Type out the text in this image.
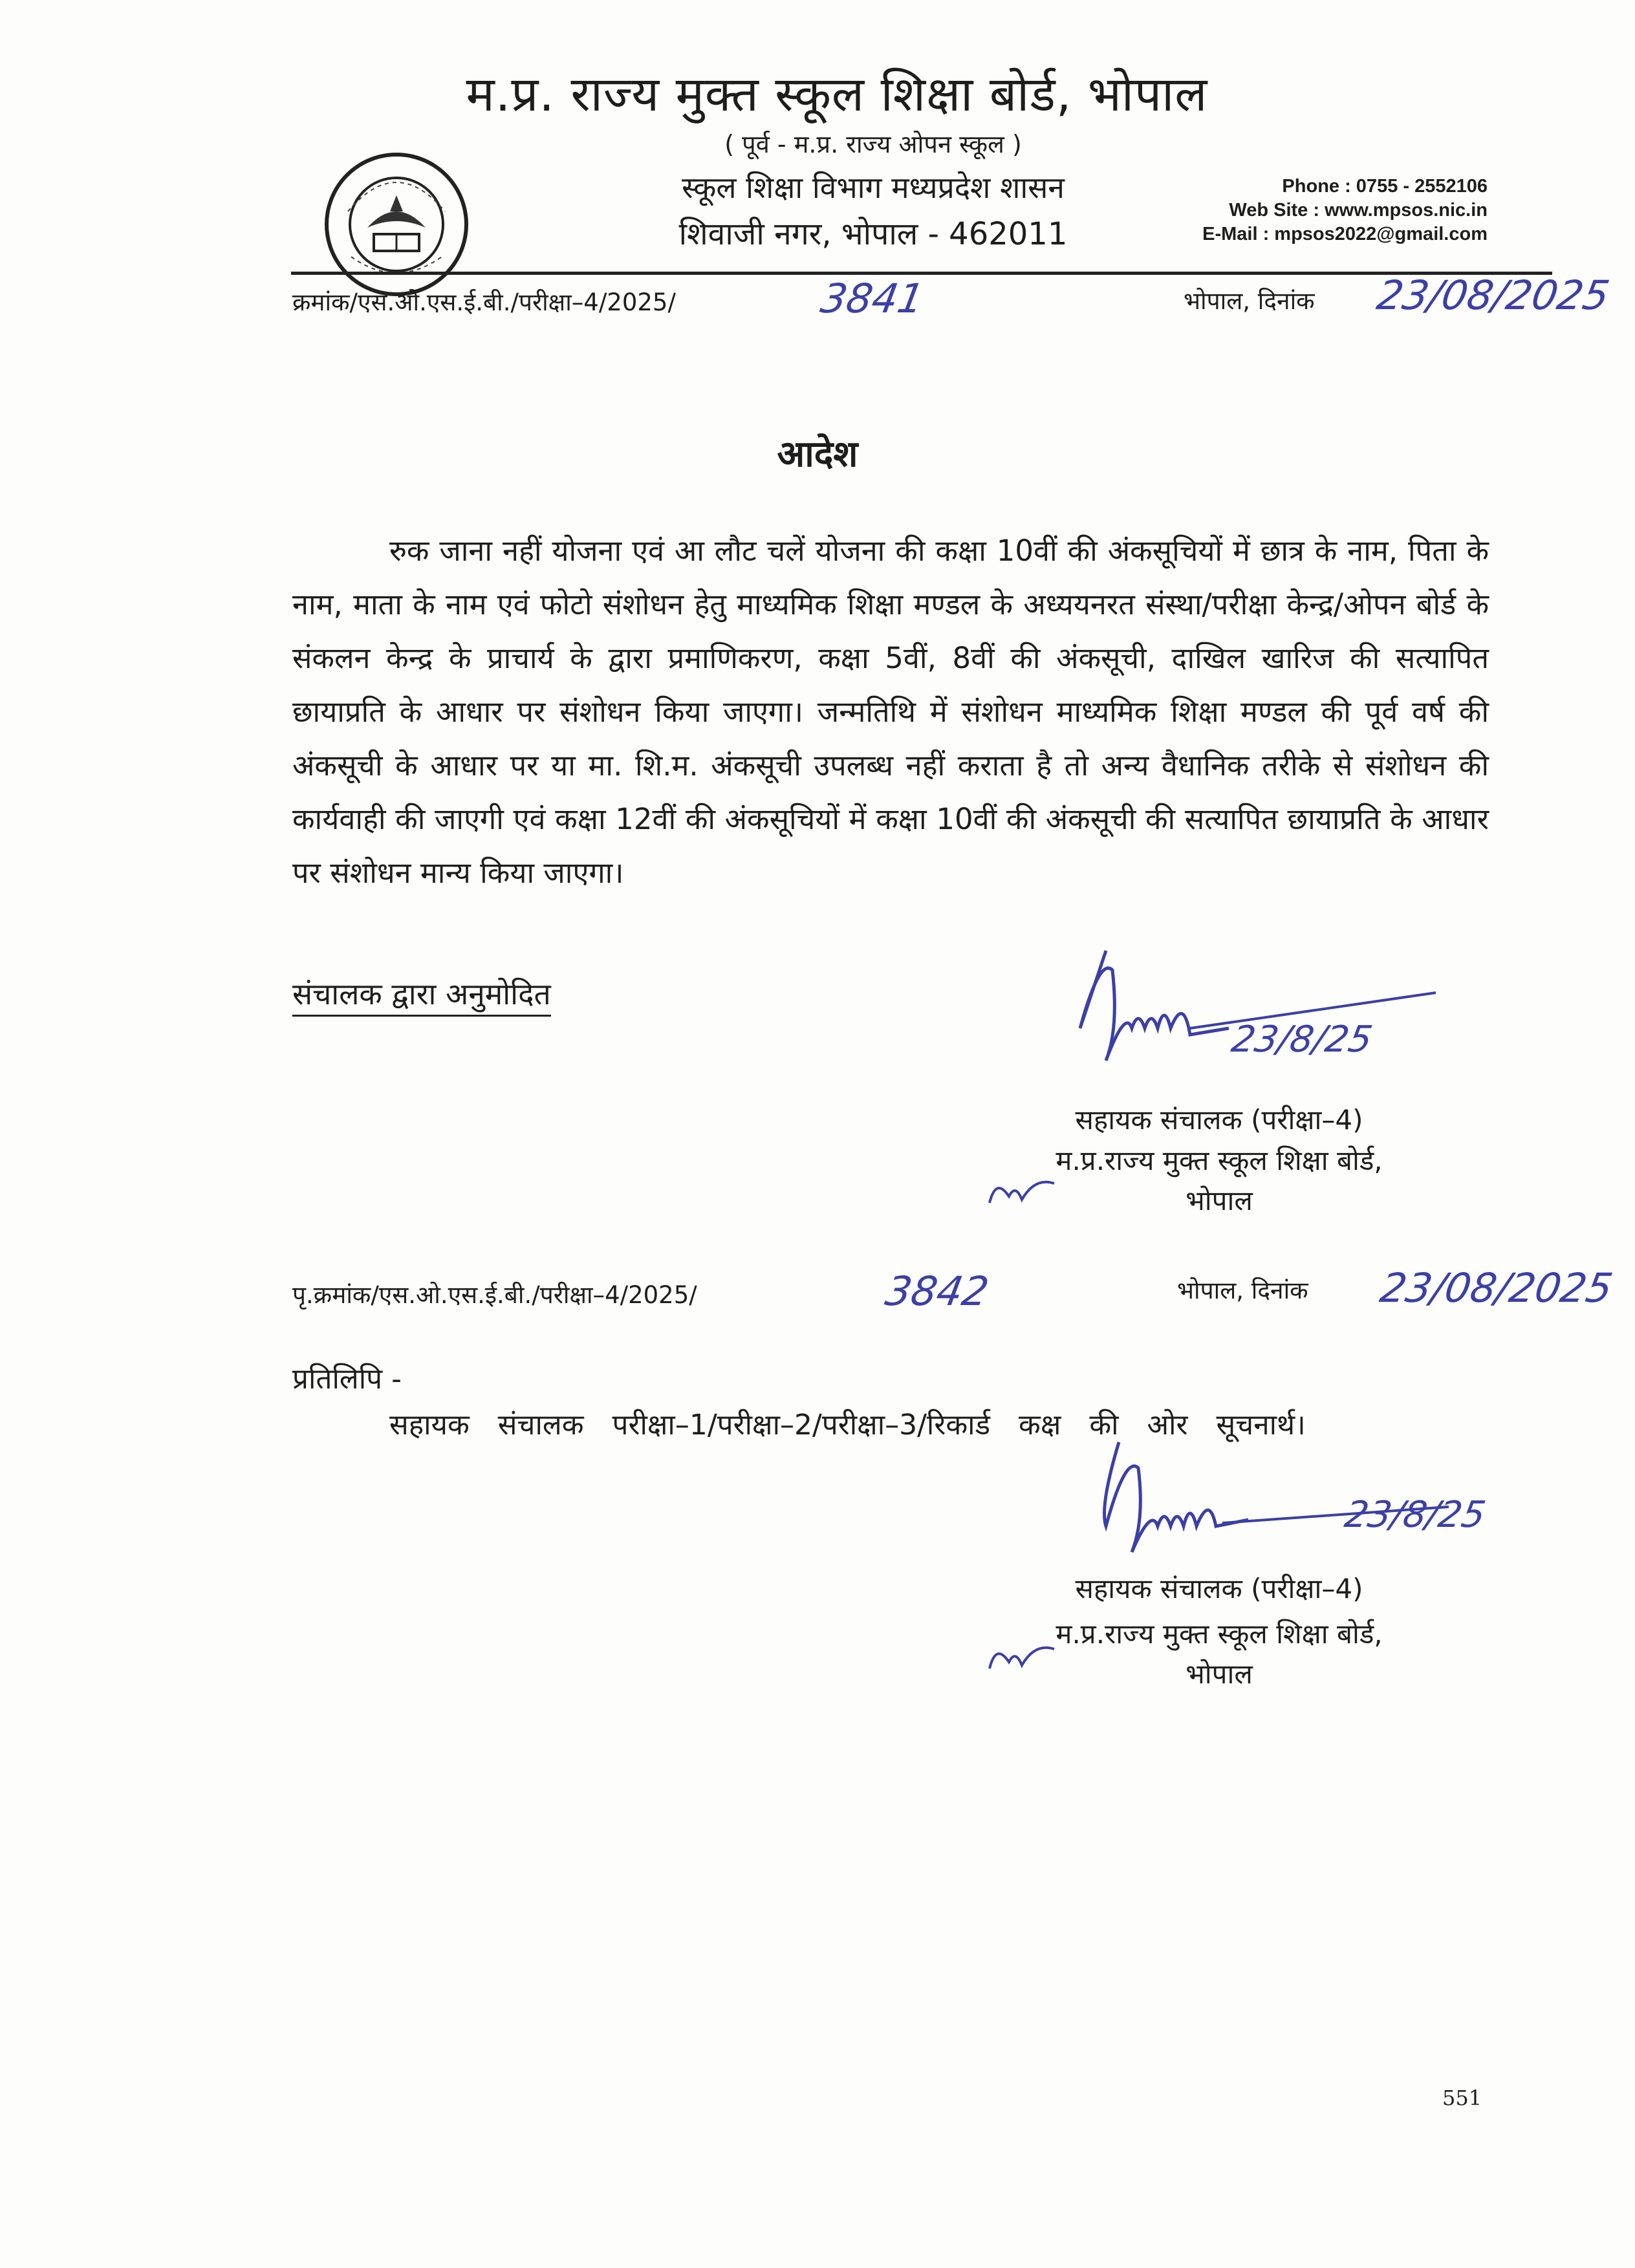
म.प्र. राज्य मुक्त स्कूल शिक्षा बोर्ड, भोपाल
( पूर्व - म.प्र. राज्य ओपन स्कूल )
स्कूल शिक्षा विभाग मध्यप्रदेश शासन
शिवाजी नगर, भोपाल - 462011
Phone : 0755 - 2552106
Web Site : www.mpsos.nic.in
E-Mail : mpsos2022@gmail.com
क्रमांक/एस.ओ.एस.ई.बी./परीक्षा–4/2025/	3841	भोपाल, दिनांक 23/08/2025
आदेश
रुक जाना नहीं योजना एवं आ लौट चलें योजना की कक्षा 10वीं की अंकसूचियों में छात्र के नाम, पिता के नाम, माता के नाम एवं फोटो संशोधन हेतु माध्यमिक शिक्षा मण्डल के अध्ययनरत संस्था/परीक्षा केन्द्र/ओपन बोर्ड के संकलन केन्द्र के प्राचार्य के द्वारा प्रमाणिकरण, कक्षा 5वीं, 8वीं की अंकसूची, दाखिल खारिज की सत्यापित छायाप्रति के आधार पर संशोधन किया जाएगा। जन्मतिथि में संशोधन माध्यमिक शिक्षा मण्डल की पूर्व वर्ष की अंकसूची के आधार पर या मा. शि.म. अंकसूची उपलब्ध नहीं कराता है तो अन्य वैधानिक तरीके से संशोधन की कार्यवाही की जाएगी एवं कक्षा 12वीं की अंकसूचियों में कक्षा 10वीं की अंकसूची की सत्यापित छायाप्रति के आधार पर संशोधन मान्य किया जाएगा।
संचालक द्वारा अनुमोदित
23/8/25
सहायक संचालक (परीक्षा–4)
म.प्र.राज्य मुक्त स्कूल शिक्षा बोर्ड,
भोपाल
पृ.क्रमांक/एस.ओ.एस.ई.बी./परीक्षा–4/2025/	3842	भोपाल, दिनांक 23/08/2025
प्रतिलिपि -
सहायक संचालक परीक्षा–1/परीक्षा–2/परीक्षा–3/रिकार्ड कक्ष की ओर सूचनार्थ।
23/8/25
सहायक संचालक (परीक्षा–4)
म.प्र.राज्य मुक्त स्कूल शिक्षा बोर्ड,
भोपाल
551
